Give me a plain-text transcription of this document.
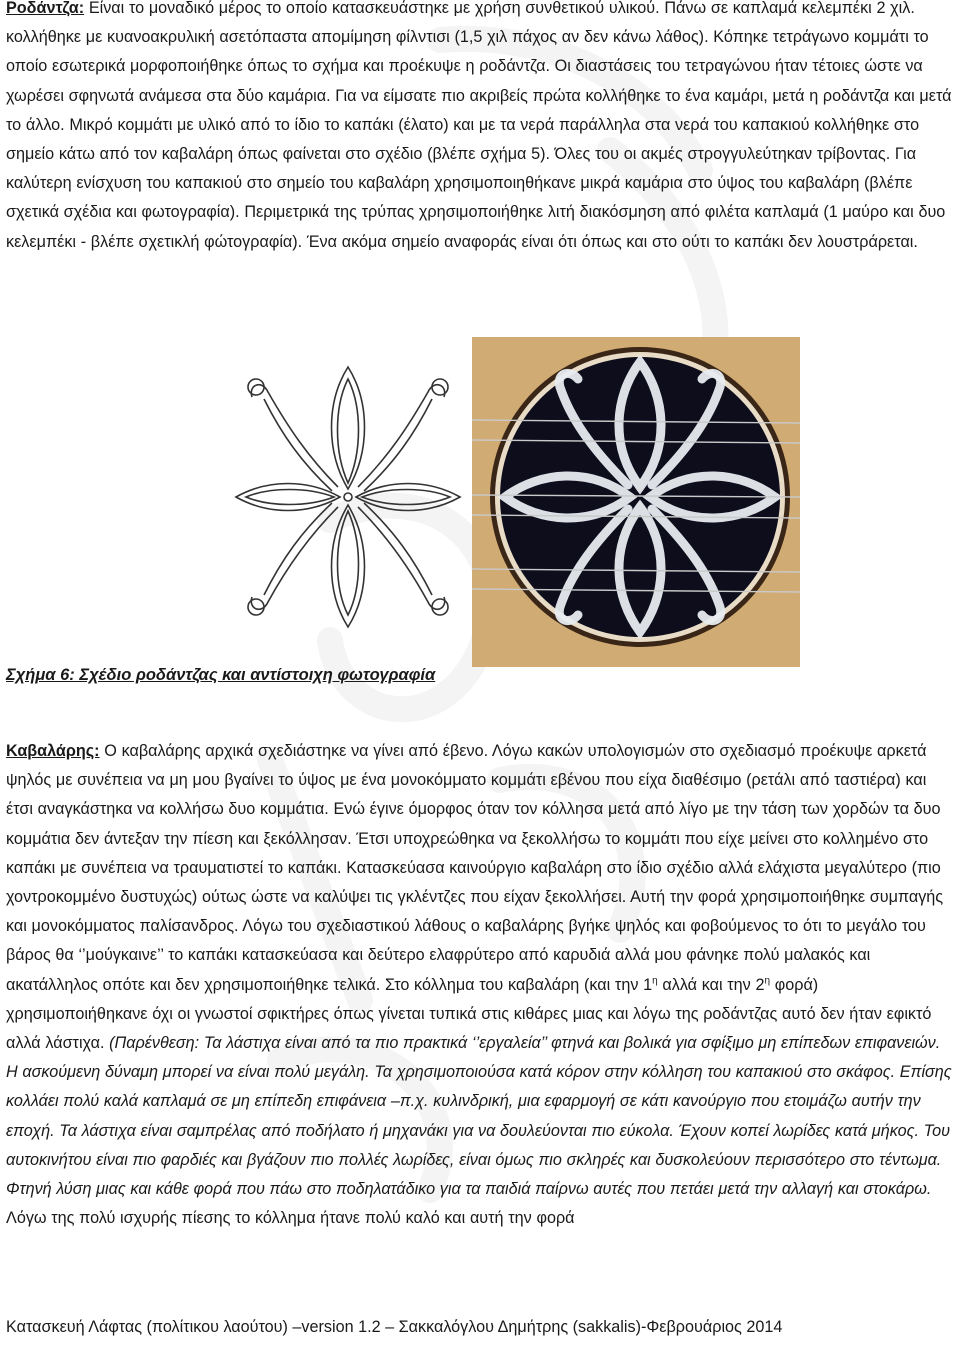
Ροδάντζα: Είναι το μοναδικό μέρος το οποίο κατασκευάστηκε με χρήση συνθετικού υλικού. Πάνω σε καπλαμά κελεμπέκι 2 χιλ. κολλήθηκε με κυανοακρυλική ασετόπαστα απομίμηση φίλντισι (1,5 χιλ πάχος αν δεν κάνω λάθος). Κόπηκε τετράγωνο κομμάτι το οποίο εσωτερικά μορφοποιήθηκε όπως το σχήμα και προέκυψε η ροδάντζα. Οι διαστάσεις του τετραγώνου ήταν τέτοιες ώστε να χωρέσει σφηνωτά ανάμεσα στα δύο καμάρια. Για να είμσατε πιο ακριβείς πρώτα κολλήθηκε το ένα καμάρι, μετά η ροδάντζα και μετά το άλλο. Μικρό κομμάτι με υλικό από το ίδιο το καπάκι (έλατο) και με τα νερά παράλληλα στα νερά του καπακιού κολλήθηκε στο σημείο κάτω από τον καβαλάρη όπως φαίνεται στο σχέδιο (βλέπε σχήμα 5). Όλες του οι ακμές στρογγυλεύτηκαν τρίβοντας. Για καλύτερη ενίσχυση του καπακιού στο σημείο του καβαλάρη χρησιμοποιηθήκανε μικρά καμάρια στο ύψος του καβαλάρη (βλέπε σχετικά σχέδια και φωτογραφία). Περιμετρικά της τρύπας χρησιμοποιήθηκε λιτή διακόσμηση από φιλέτα καπλαμά (1 μαύρο και δυο κελεμπέκι - βλέπε σχετικλή φώτογραφία). Ένα ακόμα σημείο αναφοράς είναι ότι όπως και στο ούτι το καπάκι δεν λουστράρεται.
Σχήμα 6: Σχέδιο ροδάντζας και αντίστοιχη φωτογραφία
Καβαλάρης: Ο καβαλάρης αρχικά σχεδιάστηκε να γίνει από έβενο. Λόγω κακών υπολογισμών στο σχεδιασμό προέκυψε αρκετά ψηλός με συνέπεια να μη μου βγαίνει το ύψος με ένα μονοκόμματο κομμάτι εβένου που είχα διαθέσιμο (ρετάλι από ταστιέρα) και έτσι αναγκάστηκα να κολλήσω δυο κομμάτια. Ενώ έγινε όμορφος όταν τον κόλλησα μετά από λίγο με την τάση των χορδών τα δυο κομμάτια δεν άντεξαν την πίεση και ξεκόλλησαν. Έτσι υποχρεώθηκα να ξεκολλήσω το κομμάτι που είχε μείνει στο κολλημένο στο καπάκι με συνέπεια να τραυματιστεί το καπάκι. Κατασκεύασα καινούργιο καβαλάρη στο ίδιο σχέδιο αλλά ελάχιστα μεγαλύτερο (πιο χοντροκομμένο δυστυχώς) ούτως ώστε να καλύψει τις γκλέντζες που είχαν ξεκολλήσει. Αυτή την φορά χρησιμοποιήθηκε συμπαγής και μονοκόμματος παλίσανδρος. Λόγω του σχεδιαστικού λάθους ο καβαλάρης βγήκε ψηλός και φοβούμενος το ότι το μεγάλο του βάρος θα ‘’μούγκαινε’’ το καπάκι κατασκεύασα και δεύτερο ελαφρύτερο από καρυδιά αλλά μου φάνηκε πολύ μαλακός και ακατάλληλος οπότε και δεν χρησιμοποιήθηκε τελικά. Στο κόλλημα του καβαλάρη (και την $1^\eta$ αλλά και την $2^\eta$ φορά) χρησιμοποιήθηκανε όχι οι γνωστοί σφικτήρες όπως γίνεται τυπικά στις κιθάρες μιας και λόγω της ροδάντζας αυτό δεν ήταν εφικτό αλλά λάστιχα. (Παρένθεση: Τα λάστιχα είναι από τα πιο πρακτικά ‘’εργαλεία’’ φτηνά και βολικά για σφίξιμο μη επίπεδων επιφανειών. Η ασκούμενη δύναμη μπορεί να είναι πολύ μεγάλη. Τα χρησιμοποιούσα κατά κόρον στην κόλληση του καπακιού στο σκάφος. Επίσης κολλάει πολύ καλά καπλαμά σε μη επίπεδη επιφάνεια –π.χ. κυλινδρική, μια εφαρμογή σε κάτι κανούργιο που ετοιμάζω αυτήν την εποχή. Τα λάστιχα είναι σαμπρέλας από ποδήλατο ή μηχανάκι για να δουλεύονται πιο εύκολα. Έχουν κοπεί λωρίδες κατά μήκος. Του αυτοκινήτου είναι πιο φαρδιές και βγάζουν πιο πολλές λωρίδες, είναι όμως πιο σκληρές και δυσκολεύουν περισσότερο στο τέντωμα. Φτηνή λύση μιας και κάθε φορά που πάω στο ποδηλατάδικο για τα παιδιά παίρνω αυτές που πετάει μετά την αλλαγή και στοκάρω. Λόγω της πολύ ισχυρής πίεσης το κόλλημα ήτανε πολύ καλό και αυτή την φορά
Κατασκευή Λάφτας (πολίτικου λαούτου) –version 1.2 – Σακκαλόγλου Δημήτρης (sakkalis)-Φεβρουάριος 2014
